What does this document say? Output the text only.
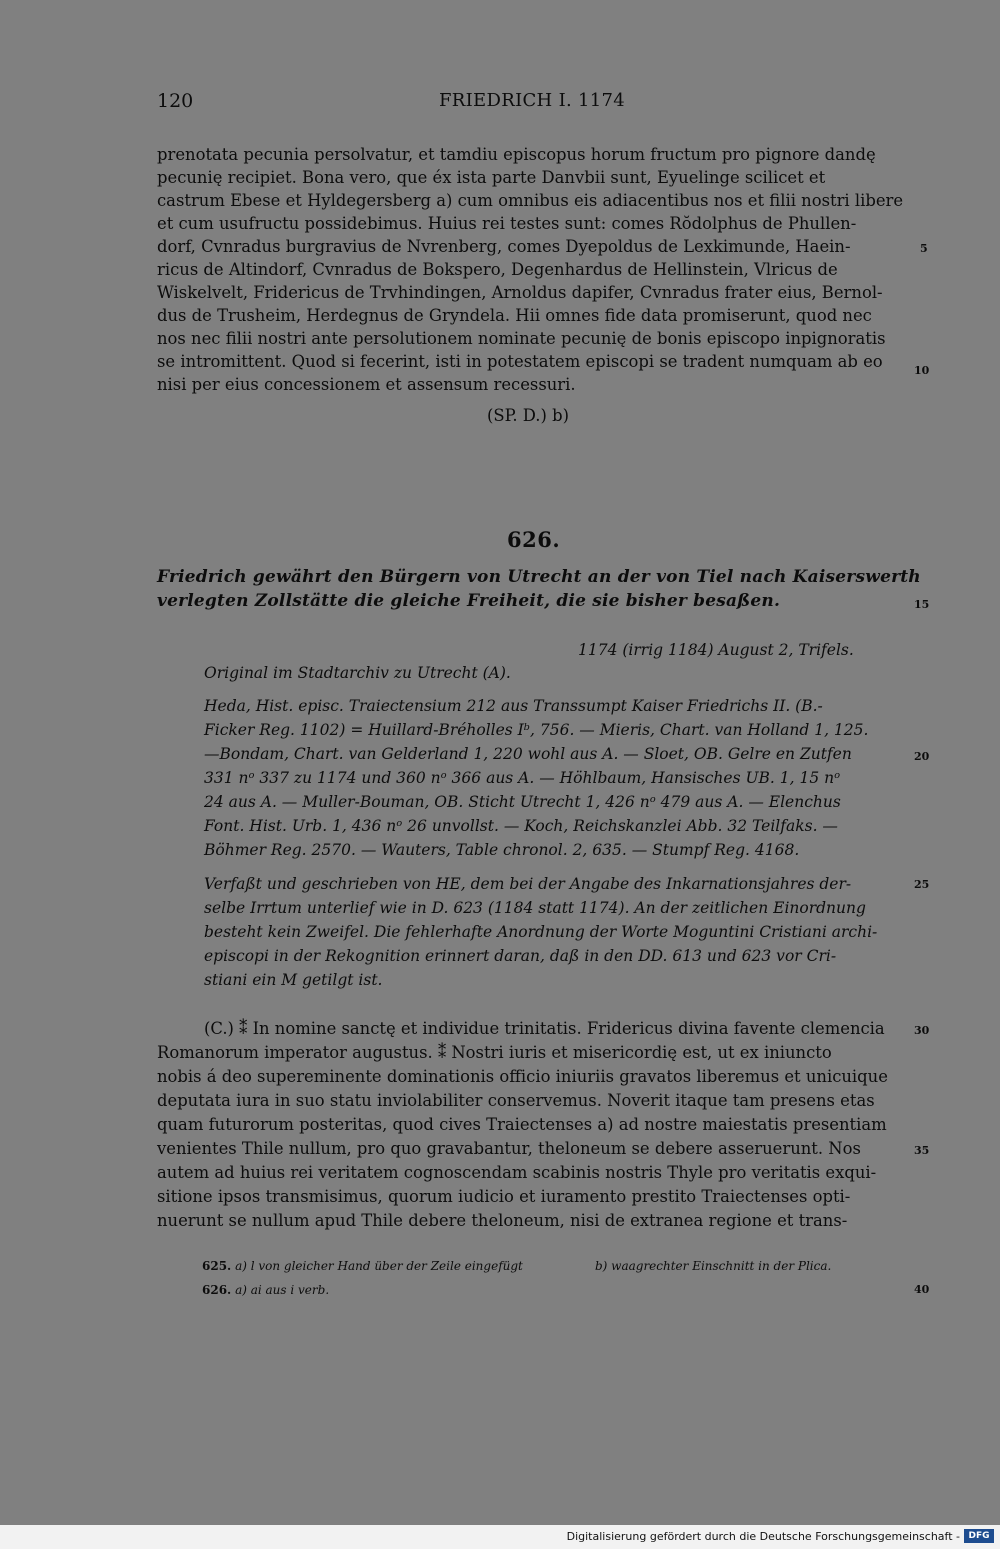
120	FRIEDRICH I. 1174
prenotata pecunia persolvatur, et tamdiu episcopus horum fructum pro pignore dandę
pecunię recipiet. Bona vero, que éx ista parte Danvbii sunt, Eyuelinge scilicet et
castrum Ebese et Hyldegersberg a) cum omnibus eis adiacentibus nos et filii nostri libere
et cum usufructu possidebimus. Huius rei testes sunt: comes Rŏdolphus de Phullen-
dorf, Cvnradus burgravius de Nvrenberg, comes Dyepoldus de Lexkimunde, Haein-
ricus de Altindorf, Cvnradus de Bokspero, Degenhardus de Hellinstein, Vlricus de
Wiskelvelt, Fridericus de Trvhindingen, Arnoldus dapifer, Cvnradus frater eius, Bernol-
dus de Trusheim, Herdegnus de Gryndela. Hii omnes fide data promiserunt, quod nec
nos nec filii nostri ante persolutionem nominate pecunię de bonis episcopo inpignoratis
se intromittent. Quod si fecerint, isti in potestatem episcopi se tradent numquam ab eo
nisi per eius concessionem et assensum recessuri.
(SP. D.) b)
626.
Friedrich gewährt den Bürgern von Utrecht an der von Tiel nach Kaiserswerth
verlegten Zollstätte die gleiche Freiheit, die sie bisher besaßen.
1174 (irrig 1184) August 2, Trifels.
Original im Stadtarchiv zu Utrecht (A).
Heda, Hist. episc. Traiectensium 212 aus Transsumpt Kaiser Friedrichs II. (B.-
Ficker Reg. 1102) = Huillard-Bréholles Iᵇ, 756. — Mieris, Chart. van Holland 1, 125.
—Bondam, Chart. van Gelderland 1, 220 wohl aus A. — Sloet, OB. Gelre en Zutfen
331 nᵒ 337 zu 1174 und 360 nᵒ 366 aus A. — Höhlbaum, Hansisches UB. 1, 15 nᵒ
24 aus A. — Muller-Bouman, OB. Sticht Utrecht 1, 426 nᵒ 479 aus A. — Elenchus
Font. Hist. Urb. 1, 436 nᵒ 26 unvollst. — Koch, Reichskanzlei Abb. 32 Teilfaks. —
Böhmer Reg. 2570. — Wauters, Table chronol. 2, 635. — Stumpf Reg. 4168.
Verfaßt und geschrieben von HE, dem bei der Angabe des Inkarnationsjahres der-
selbe Irrtum unterlief wie in D. 623 (1184 statt 1174). An der zeitlichen Einordnung
besteht kein Zweifel. Die fehlerhafte Anordnung der Worte Moguntini Cristiani archi-
episcopi in der Rekognition erinnert daran, daß in den DD. 613 und 623 vor Cri-
stiani ein M getilgt ist.
(C.) ⁑ In nomine sanctę et individue trinitatis. Fridericus divina favente clemencia
Romanorum imperator augustus. ⁑ Nostri iuris et misericordię est, ut ex iniuncto
nobis á deo supereminente dominationis officio iniuriis gravatos liberemus et unicuique
deputata iura in suo statu inviolabiliter conservemus. Noverit itaque tam presens etas
quam futurorum posteritas, quod cives Traiectenses a) ad nostre maiestatis presentiam
venientes Thile nullum, pro quo gravabantur, theloneum se debere asseruerunt. Nos
autem ad huius rei veritatem cognoscendam scabinis nostris Thyle pro veritatis exqui-
sitione ipsos transmisimus, quorum iudicio et iuramento prestito Traiectenses opti-
nuerunt se nullum apud Thile debere theloneum, nisi de extranea regione et trans-
5
10
15
20
25
30
35
40
625. a) l von gleicher Hand über der Zeile eingefügt	b) waagrechter Einschnitt in der Plica.
626. a) ai aus i verb.
Digitalisierung gefördert durch die Deutsche Forschungsgemeinschaft - DFG
